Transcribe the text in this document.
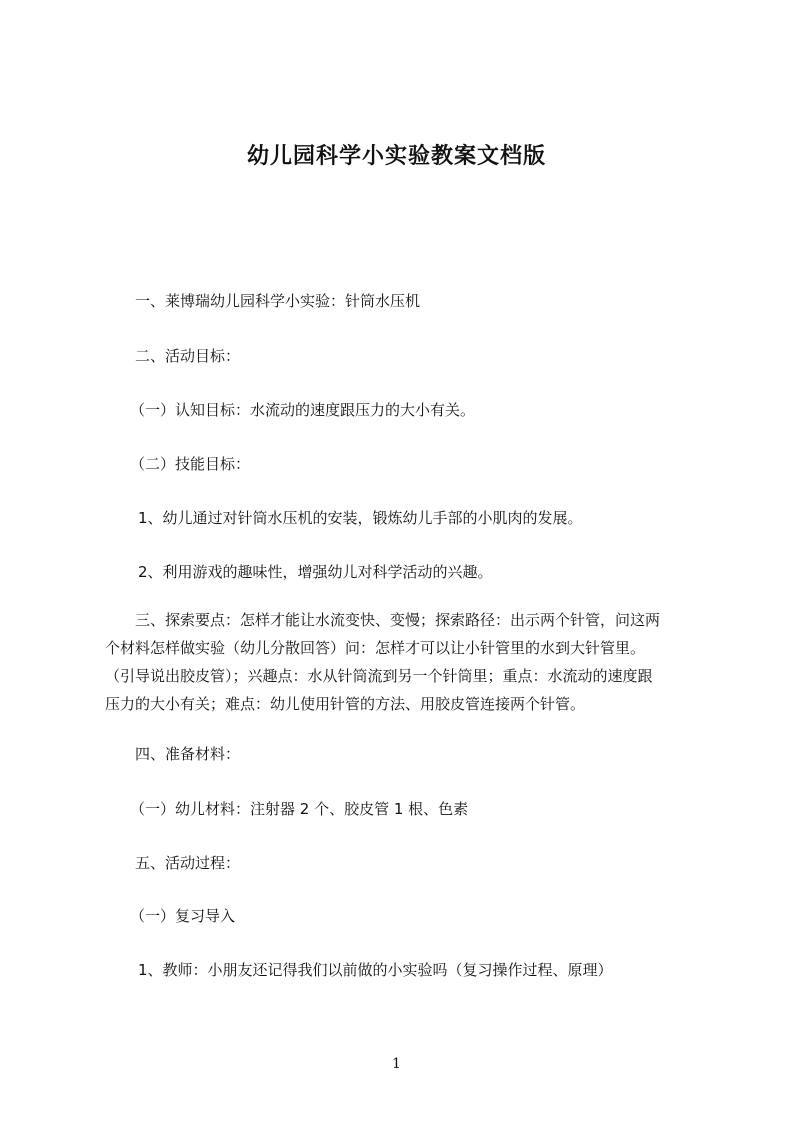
幼儿园科学小实验教案文档版
一、莱博瑞幼儿园科学小实验：针筒水压机
二、活动目标：
（一）认知目标：水流动的速度跟压力的大小有关。
（二）技能目标：
1、幼儿通过对针筒水压机的安装，锻炼幼儿手部的小肌肉的发展。
2、利用游戏的趣味性，增强幼儿对科学活动的兴趣。
三、探索要点：怎样才能让水流变快、变慢；探索路径：出示两个针管，问这两
个材料怎样做实验（幼儿分散回答）问：怎样才可以让小针管里的水到大针管里。
（引导说出胶皮管）；兴趣点：水从针筒流到另一个针筒里；重点：水流动的速度跟
压力的大小有关；难点：幼儿使用针管的方法、用胶皮管连接两个针管。
四、准备材料：
（一）幼儿材料：注射器 2 个、胶皮管 1 根、色素
五、活动过程：
（一）复习导入
1、教师：小朋友还记得我们以前做的小实验吗（复习操作过程、原理）
1
